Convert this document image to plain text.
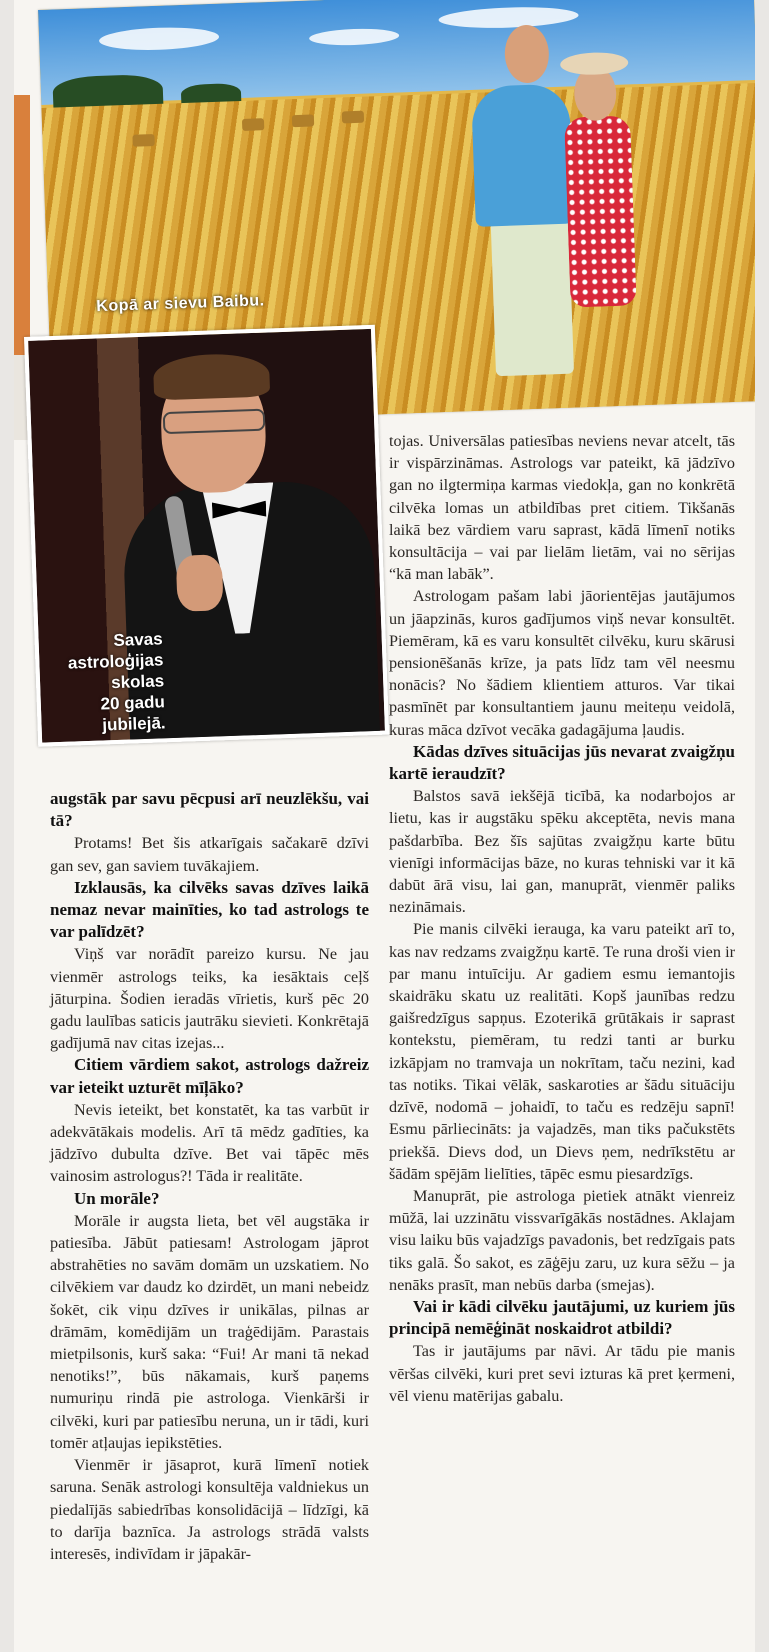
Kopā ar sievu Baibu.
Savas
astroloģijas
skolas
20 gadu
jubilejā.
augstāk par savu pēcpusi arī neuzlēkšu, vai tā?

Protams! Bet šis atkarīgais sačakarē dzīvi gan sev, gan saviem tuvākajiem.

Izklausās, ka cilvēks savas dzīves laikā nemaz nevar mainīties, ko tad astrologs te var palīdzēt?

Viņš var norādīt pareizo kursu. Ne jau vienmēr astrologs teiks, ka iesāktais ceļš jāturpina. Šodien ieradās vīrietis, kurš pēc 20 gadu laulības saticis jautrāku sievieti. Konkrētajā gadījumā nav citas izejas...

Citiem vārdiem sakot, astrologs dažreiz var ieteikt uzturēt mīļāko?

Nevis ieteikt, bet konstatēt, ka tas varbūt ir adekvātākais modelis. Arī tā mēdz gadīties, ka jādzīvo dubulta dzīve. Bet vai tāpēc mēs vainosim astrologus?! Tāda ir realitāte.

Un morāle?

Morāle ir augsta lieta, bet vēl augstāka ir patiesība. Jābūt patiesam! Astrologam jāprot abstrahēties no savām domām un uzskatiem. No cilvēkiem var daudz ko dzirdēt, un mani nebeidz šokēt, cik viņu dzīves ir unikālas, pilnas ar drāmām, komēdijām un traģēdijām. Parastais mietpilsonis, kurš saka: “Fui! Ar mani tā nekad nenotiks!”, būs nākamais, kurš paņems numuriņu rindā pie astrologa. Vienkārši ir cilvēki, kuri par patiesību neruna, un ir tādi, kuri tomēr atļaujas iepikstēties.

Vienmēr ir jāsaprot, kurā līmenī notiek saruna. Senāk astrologi konsultēja valdniekus un piedalījās sabiedrības konsolidācijā – līdzīgi, kā to darīja baznīca. Ja astrologs strādā valsts interesēs, indivīdam ir jāpakār-

tojas. Universālas patiesības neviens nevar atcelt, tās ir vispārzināmas. Astrologs var pateikt, kā jādzīvo gan no ilgtermiņa karmas viedokļa, gan no konkrētā cilvēka lomas un atbildības pret citiem. Tikšanās laikā bez vārdiem varu saprast, kādā līmenī notiks konsultācija – vai par lielām lietām, vai no sērijas “kā man labāk”.

Astrologam pašam labi jāorientējas jautājumos un jāapzinās, kuros gadījumos viņš nevar konsultēt. Piemēram, kā es varu konsultēt cilvēku, kuru skārusi pensionēšanās krīze, ja pats līdz tam vēl neesmu nonācis? No šādiem klientiem atturos. Var tikai pasmīnēt par konsultantiem jaunu meiteņu veidolā, kuras māca dzīvot vecāka gadagājuma ļaudis.

Kādas dzīves situācijas jūs nevarat zvaigžņu kartē ieraudzīt?

Balstos savā iekšējā ticībā, ka nodarbojos ar lietu, kas ir augstāku spēku akceptēta, nevis mana pašdarbība. Bez šīs sajūtas zvaigžņu karte būtu vienīgi informācijas bāze, no kuras tehniski var it kā dabūt ārā visu, lai gan, manuprāt, vienmēr paliks nezināmais.

Pie manis cilvēki ierauga, ka varu pateikt arī to, kas nav redzams zvaigžņu kartē. Te runa droši vien ir par manu intuīciju. Ar gadiem esmu iemantojis skaidrāku skatu uz realitāti. Kopš jaunības redzu gaišredzīgus sapņus. Ezoterikā grūtākais ir saprast kontekstu, piemēram, tu redzi tanti ar burku izkāpjam no tramvaja un nokrītam, taču nezini, kad tas notiks. Tikai vēlāk, saskaroties ar šādu situāciju dzīvē, nodomā – johaidī, to taču es redzēju sapnī! Esmu pārliecināts: ja vajadzēs, man tiks pačukstēts priekšā. Dievs dod, un Dievs ņem, nedrīkstētu ar šādām spējām lielīties, tāpēc esmu piesardzīgs.

Manuprāt, pie astrologa pietiek atnākt vienreiz mūžā, lai uzzinātu vissvarīgākās nostādnes. Aklajam visu laiku būs vajadzīgs pavadonis, bet redzīgais pats tiks galā. Šo sakot, es zāģēju zaru, uz kura sēžu – ja nenāks prasīt, man nebūs darba (smejas).

Vai ir kādi cilvēku jautājumi, uz kuriem jūs principā nemēģināt noskaidrot atbildi?

Tas ir jautājums par nāvi. Ar tādu pie manis vēršas cilvēki, kuri pret sevi izturas kā pret ķermeni, vēl vienu matērijas gabalu.
